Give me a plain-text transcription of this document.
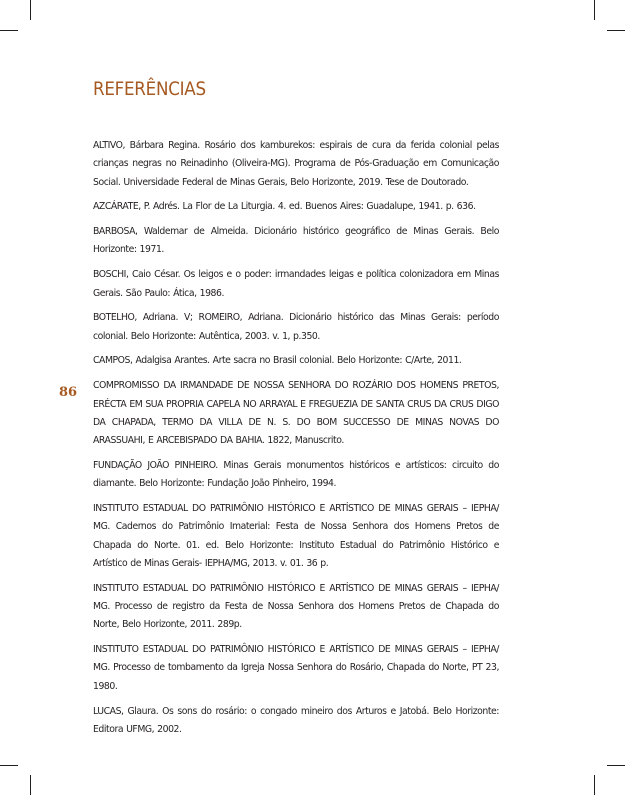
REFERÊNCIAS
86
ALTIVO, Bárbara Regina. Rosário dos kamburekos: espirais de cura da ferida colonial pelas crianças negras no Reinadinho (Oliveira-MG). Programa de Pós-Graduação em Comunicação Social. Universidade Federal de Minas Gerais, Belo Horizonte, 2019. Tese de Doutorado.
AZCÁRATE, P. Adrés. La Flor de La Liturgia. 4. ed. Buenos Aires: Guadalupe, 1941. p. 636.
BARBOSA, Waldemar de Almeida. Dicionário histórico geográfico de Minas Gerais. Belo Horizonte: 1971.
BOSCHI, Caio César. Os leigos e o poder: irmandades leigas e política colonizadora em Minas Gerais. São Paulo: Ática, 1986.
BOTELHO, Adriana. V; ROMEIRO, Adriana. Dicionário histórico das Minas Gerais: período colonial. Belo Horizonte: Autêntica, 2003. v. 1, p.350.
CAMPOS, Adalgisa Arantes. Arte sacra no Brasil colonial. Belo Horizonte: C/Arte, 2011.
COMPROMISSO DA IRMANDADE DE NOSSA SENHORA DO ROZÁRIO DOS HOMENS PRETOS, ERÉCTA EM SUA PROPRIA CAPELA NO ARRAYAL E FREGUEZIA DE SANTA CRUS DA CRUS DIGO DA CHAPADA, TERMO DA VILLA DE N. S. DO BOM SUCCESSO DE MINAS NOVAS DO ARASSUAHI, E ARCEBISPADO DA BAHIA. 1822, Manuscrito.
FUNDAÇÃO JOÃO PINHEIRO. Minas Gerais monumentos históricos e artísticos: circuito do diamante. Belo Horizonte: Fundação João Pinheiro, 1994.
INSTITUTO ESTADUAL DO PATRIMÔNIO HISTÓRICO E ARTÍSTICO DE MINAS GERAIS – IEPHA/ MG. Cadernos do Patrimônio Imaterial: Festa de Nossa Senhora dos Homens Pretos de Chapada do Norte. 01. ed. Belo Horizonte: Instituto Estadual do Patrimônio Histórico e Artístico de Minas Gerais- IEPHA/MG, 2013. v. 01. 36 p.
INSTITUTO ESTADUAL DO PATRIMÔNIO HISTÓRICO E ARTÍSTICO DE MINAS GERAIS – IEPHA/ MG. Processo de registro da Festa de Nossa Senhora dos Homens Pretos de Chapada do Norte, Belo Horizonte, 2011. 289p.
INSTITUTO ESTADUAL DO PATRIMÔNIO HISTÓRICO E ARTÍSTICO DE MINAS GERAIS – IEPHA/ MG. Processo de tombamento da Igreja Nossa Senhora do Rosário, Chapada do Norte, PT 23, 1980.
LUCAS, Glaura. Os sons do rosário: o congado mineiro dos Arturos e Jatobá. Belo Horizonte: Editora UFMG, 2002.
